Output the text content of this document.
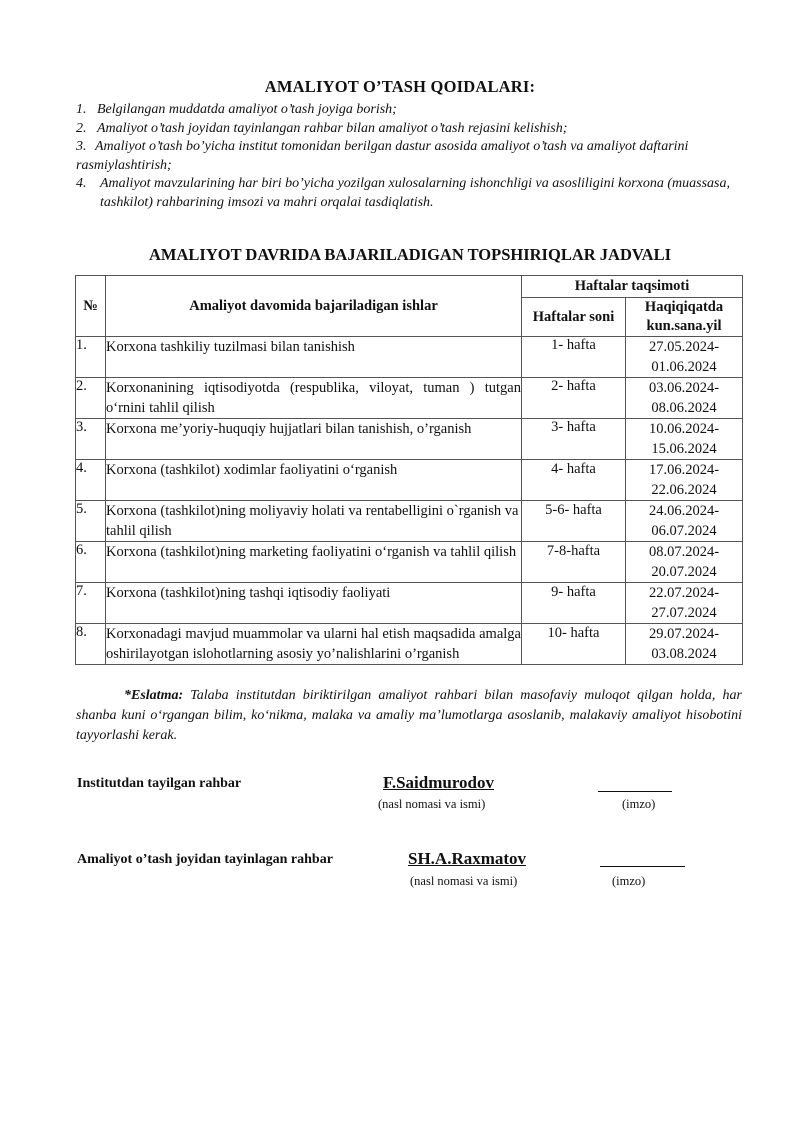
AMALIYOT O’TASH QOIDALARI:
1. Belgilangan muddatda amaliyot o’tash joyiga borish;
2. Amaliyot o’tash joyidan tayinlangan rahbar bilan amaliyot o’tash rejasini kelishish;
3. Amaliyot o’tash bo’yicha institut tomonidan berilgan dastur asosida amaliyot o’tash va amaliyot daftarini rasmiylashtirish;
4. Amaliyot mavzularining har biri bo’yicha yozilgan xulosalarning ishonchligi va asosliligini korxona (muassasa, tashkilot) rahbarining imsozi va mahri orqalai tasdiqlatish.
AMALIYOT DAVRIDA BAJARILADIGAN TOPSHIRIQLAR JADVALI
№	Amaliyot davomida bajariladigan ishlar	Haftalar taqsimoti	
		Haftalar soni	Haqiqiqatda
kun.sana.yil

1.	Korxona tashkiliy tuzilmasi bilan tanishish	1- hafta	27.05.2024-
01.06.2024

2.	Korxonanining iqtisodiyotda (respublika, viloyat, tuman ) tutgan o‘rnini tahlil qilish	2- hafta	03.06.2024-
08.06.2024

3.	Korxona me’yoriy-huquqiy hujjatlari bilan tanishish, o’rganish	3- hafta	10.06.2024-
15.06.2024

4.	Korxona (tashkilot) xodimlar faoliyatini o‘rganish	4- hafta	17.06.2024-
22.06.2024

5.	Korxona (tashkilot)ning moliyaviy holati va rentabelligini o`rganish va tahlil qilish	5-6- hafta	24.06.2024-
06.07.2024

6.	Korxona (tashkilot)ning marketing faoliyatini o‘rganish va tahlil qilish	7-8-hafta	08.07.2024-
20.07.2024

7.	Korxona (tashkilot)ning tashqi iqtisodiy faoliyati	9- hafta	22.07.2024-
27.07.2024

8.	Korxonadagi mavjud muammolar va ularni hal etish maqsadida amalga oshirilayotgan islohotlarning asosiy yo’nalishlarini o’rganish	10- hafta	29.07.2024-
03.08.2024
*Eslatma: Talaba institutdan biriktirilgan amaliyot rahbari bilan masofaviy muloqot qilgan holda, har shanba kuni o‘rgangan bilim, ko‘nikma, malaka va amaliy ma’lumotlarga asoslanib, malakaviy amaliyot hisobotini tayyorlashi kerak.
Institutdan tayilgan rahbar	F.Saidmurodov
(nasl nomasi va ismi)	(imzo)
Amaliyot o’tash joyidan tayinlagan rahbar	SH.A.Raxmatov
(nasl nomasi va ismi)	(imzo)
